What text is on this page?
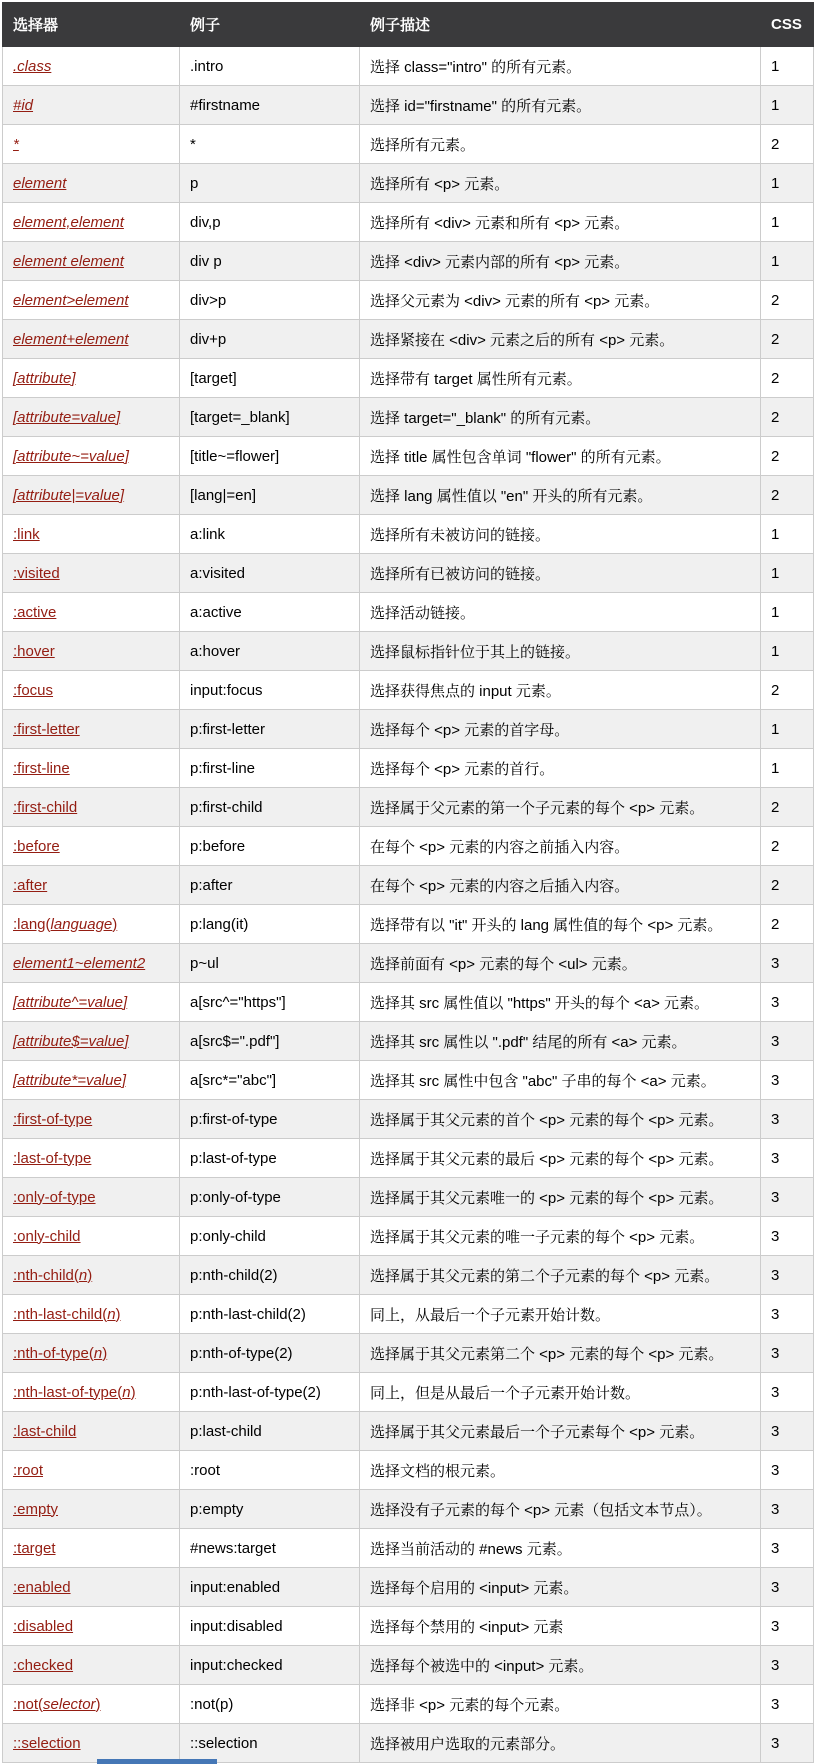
选择器	例子	例子描述	CSS
.class	.intro	选择 class="intro" 的所有元素。	1
#id	#firstname	选择 id="firstname" 的所有元素。	1
*	*	选择所有元素。	2
element	p	选择所有 <p> 元素。	1
element,element	div,p	选择所有 <div> 元素和所有 <p> 元素。	1
element element	div p	选择 <div> 元素内部的所有 <p> 元素。	1
element>element	div>p	选择父元素为 <div> 元素的所有 <p> 元素。	2
element+element	div+p	选择紧接在 <div> 元素之后的所有 <p> 元素。	2
[attribute]	[target]	选择带有 target 属性所有元素。	2
[attribute=value]	[target=_blank]	选择 target="_blank" 的所有元素。	2
[attribute~=value]	[title~=flower]	选择 title 属性包含单词 "flower" 的所有元素。	2
[attribute|=value]	[lang|=en]	选择 lang 属性值以 "en" 开头的所有元素。	2
:link	a:link	选择所有未被访问的链接。	1
:visited	a:visited	选择所有已被访问的链接。	1
:active	a:active	选择活动链接。	1
:hover	a:hover	选择鼠标指针位于其上的链接。	1
:focus	input:focus	选择获得焦点的 input 元素。	2
:first-letter	p:first-letter	选择每个 <p> 元素的首字母。	1
:first-line	p:first-line	选择每个 <p> 元素的首行。	1
:first-child	p:first-child	选择属于父元素的第一个子元素的每个 <p> 元素。	2
:before	p:before	在每个 <p> 元素的内容之前插入内容。	2
:after	p:after	在每个 <p> 元素的内容之后插入内容。	2
:lang(language)	p:lang(it)	选择带有以 "it" 开头的 lang 属性值的每个 <p> 元素。	2
element1~element2	p~ul	选择前面有 <p> 元素的每个 <ul> 元素。	3
[attribute^=value]	a[src^="https"]	选择其 src 属性值以 "https" 开头的每个 <a> 元素。	3
[attribute$=value]	a[src$=".pdf"]	选择其 src 属性以 ".pdf" 结尾的所有 <a> 元素。	3
[attribute*=value]	a[src*="abc"]	选择其 src 属性中包含 "abc" 子串的每个 <a> 元素。	3
:first-of-type	p:first-of-type	选择属于其父元素的首个 <p> 元素的每个 <p> 元素。	3
:last-of-type	p:last-of-type	选择属于其父元素的最后 <p> 元素的每个 <p> 元素。	3
:only-of-type	p:only-of-type	选择属于其父元素唯一的 <p> 元素的每个 <p> 元素。	3
:only-child	p:only-child	选择属于其父元素的唯一子元素的每个 <p> 元素。	3
:nth-child(n)	p:nth-child(2)	选择属于其父元素的第二个子元素的每个 <p> 元素。	3
:nth-last-child(n)	p:nth-last-child(2)	同上，从最后一个子元素开始计数。	3
:nth-of-type(n)	p:nth-of-type(2)	选择属于其父元素第二个 <p> 元素的每个 <p> 元素。	3
:nth-last-of-type(n)	p:nth-last-of-type(2)	同上，但是从最后一个子元素开始计数。	3
:last-child	p:last-child	选择属于其父元素最后一个子元素每个 <p> 元素。	3
:root	:root	选择文档的根元素。	3
:empty	p:empty	选择没有子元素的每个 <p> 元素（包括文本节点）。	3
:target	#news:target	选择当前活动的 #news 元素。	3
:enabled	input:enabled	选择每个启用的 <input> 元素。	3
:disabled	input:disabled	选择每个禁用的 <input> 元素	3
:checked	input:checked	选择每个被选中的 <input> 元素。	3
:not(selector)	:not(p)	选择非 <p> 元素的每个元素。	3
::selection	::selection	选择被用户选取的元素部分。	3
